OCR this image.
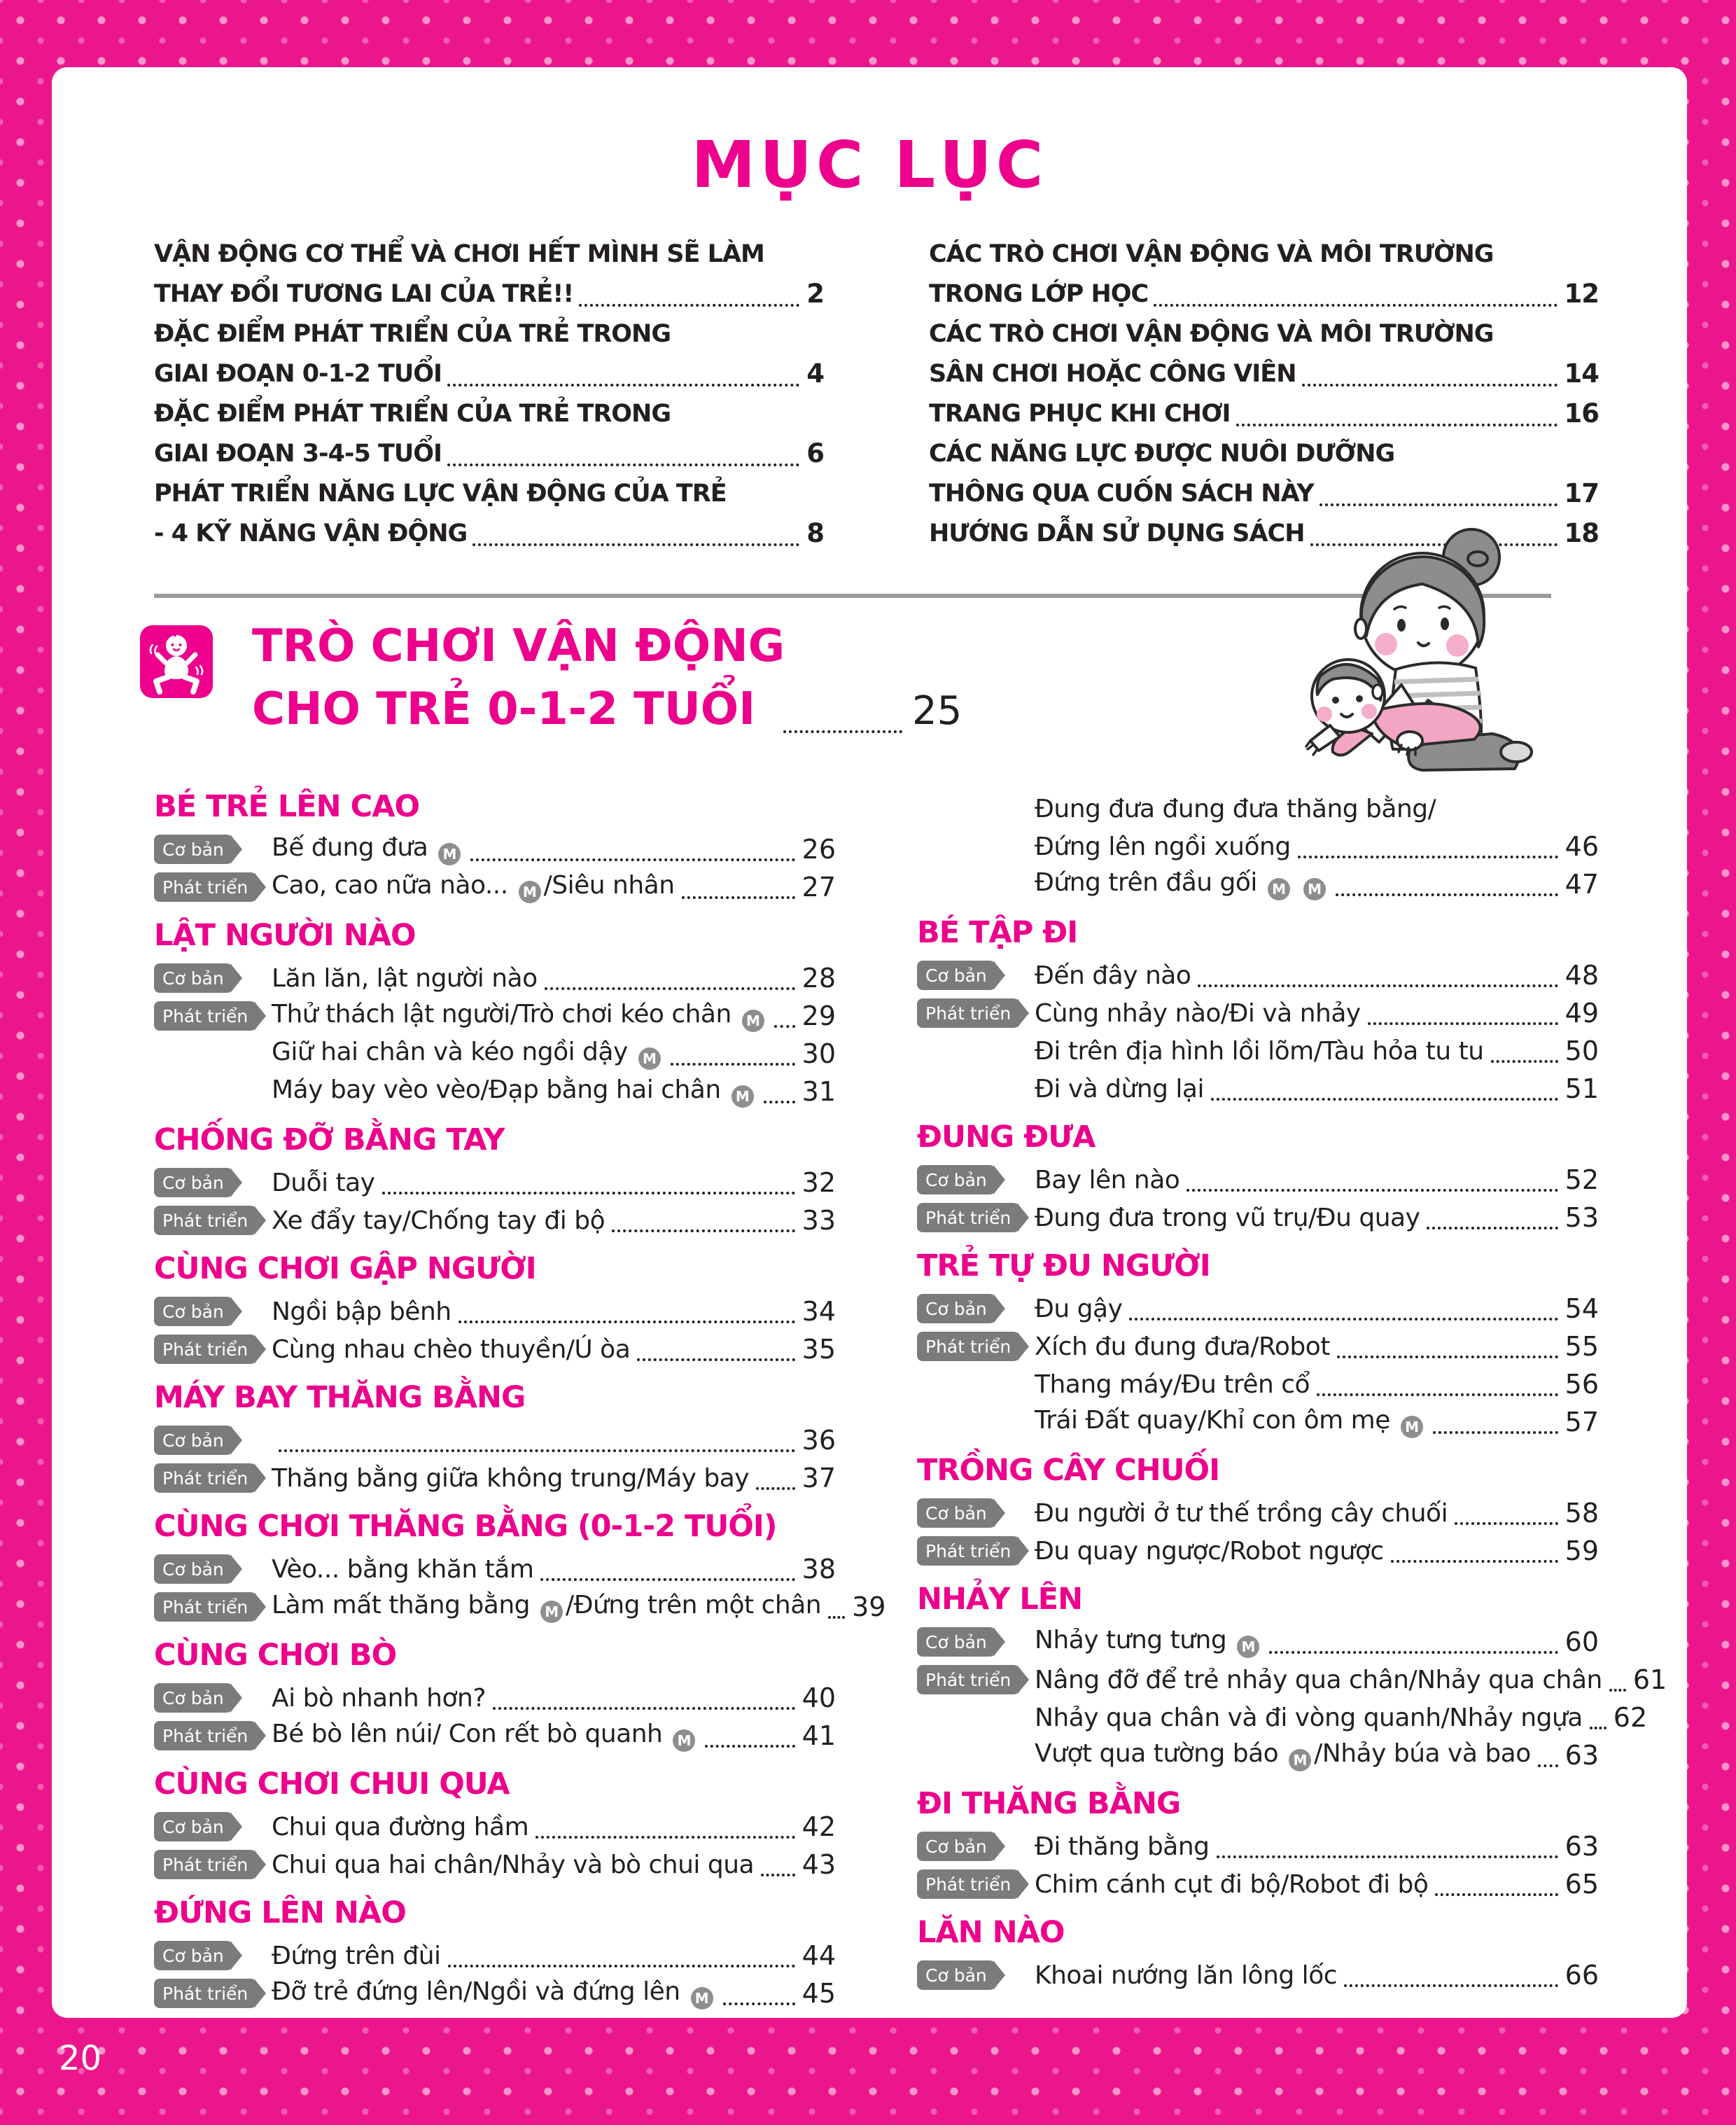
MỤC LỤC
VẬN ĐỘNG CƠ THỂ VÀ CHƠI HẾT MÌNH SẼ LÀM
THAY ĐỔI TƯƠNG LAI CỦA TRẺ!!	2
ĐẶC ĐIỂM PHÁT TRIỂN CỦA TRẺ TRONG
GIAI ĐOẠN 0-1-2 TUỔI	4
ĐẶC ĐIỂM PHÁT TRIỂN CỦA TRẺ TRONG
GIAI ĐOẠN 3-4-5 TUỔI	6
PHÁT TRIỂN NĂNG LỰC VẬN ĐỘNG CỦA TRẺ
- 4 KỸ NĂNG VẬN ĐỘNG	8
CÁC TRÒ CHƠI VẬN ĐỘNG VÀ MÔI TRƯỜNG
TRONG LỚP HỌC	12
CÁC TRÒ CHƠI VẬN ĐỘNG VÀ MÔI TRƯỜNG
SÂN CHƠI HOẶC CÔNG VIÊN	14
TRANG PHỤC KHI CHƠI	16
CÁC NĂNG LỰC ĐƯỢC NUÔI DƯỠNG
THÔNG QUA CUỐN SÁCH NÀY	17
HƯỚNG DẪN SỬ DỤNG SÁCH	18
TRÒ CHƠI VẬN ĐỘNG
CHO TRẺ 0-1-2 TUỔI	25
BÉ TRẺ LÊN CAO
Cơ bản	Bế đung đưa M	26
Phát triển Cao, cao nữa nào... M /Siêu nhân	27
LẬT NGƯỜI NÀO
Cơ bản	Lăn lăn, lật người nào	28
Phát triển Thử thách lật người/Trò chơi kéo chân M 29
Giữ hai chân và kéo ngồi dậy M	30
Máy bay vèo vèo/Đạp bằng hai chân M 31
CHỐNG ĐỠ BẰNG TAY
Cơ bản	Duỗi tay	32
Phát triển Xe đẩy tay/Chống tay đi bộ	33
CÙNG CHƠI GẬP NGƯỜI
Cơ bản	Ngồi bập bênh	34
Phát triển Cùng nhau chèo thuyền/Ú òa	35
MÁY BAY THĂNG BẰNG
Cơ bản	36
Phát triển Thăng bằng giữa không trung/Máy bay 37
CÙNG CHƠI THĂNG BẰNG (0-1-2 TUỔI)
Cơ bản	Vèo... bằng khăn tắm	38
Phát triển Làm mất thăng bằng M /Đứng trên một chân 39
CÙNG CHƠI BÒ
Cơ bản	Ai bò nhanh hơn?	40
Phát triển Bé bò lên núi/ Con rết bò quanh M	41
CÙNG CHƠI CHUI QUA
Cơ bản	Chui qua đường hầm	42
Phát triển Chui qua hai chân/Nhảy và bò chui qua 43
ĐỨNG LÊN NÀO
Cơ bản	Đứng trên đùi	44
Phát triển Đỡ trẻ đứng lên/Ngồi và đứng lên M	45
Đung đưa đung đưa thăng bằng/
Đứng lên ngồi xuống	46
Đứng trên đầu gối M M	47
BÉ TẬP ĐI
Cơ bản	Đến đây nào	48
Phát triển Cùng nhảy nào/Đi và nhảy	49
Đi trên địa hình lồi lõm/Tàu hỏa tu tu	50
Đi và dừng lại	51
ĐUNG ĐƯA
Cơ bản	Bay lên nào	52
Phát triển Đung đưa trong vũ trụ/Đu quay	53
TRẺ TỰ ĐU NGƯỜI
Cơ bản	Đu gậy	54
Phát triển Xích đu đung đưa/Robot	55
Thang máy/Đu trên cổ	56
Trái Đất quay/Khỉ con ôm mẹ M	57
TRỒNG CÂY CHUỐI
Cơ bản	Đu người ở tư thế trồng cây chuối	58
Phát triển Đu quay ngược/Robot ngược	59
NHẢY LÊN
Cơ bản	Nhảy tưng tưng M	60
Phát triển Nâng đỡ để trẻ nhảy qua chân/Nhảy qua chân 61
Nhảy qua chân và đi vòng quanh/Nhảy ngựa 62
Vượt qua tường báo M /Nhảy búa và bao 63
ĐI THĂNG BẰNG
Cơ bản	Đi thăng bằng	63
Phát triển Chim cánh cụt đi bộ/Robot đi bộ	65
LĂN NÀO
Cơ bản	Khoai nướng lăn lông lốc	66
20
